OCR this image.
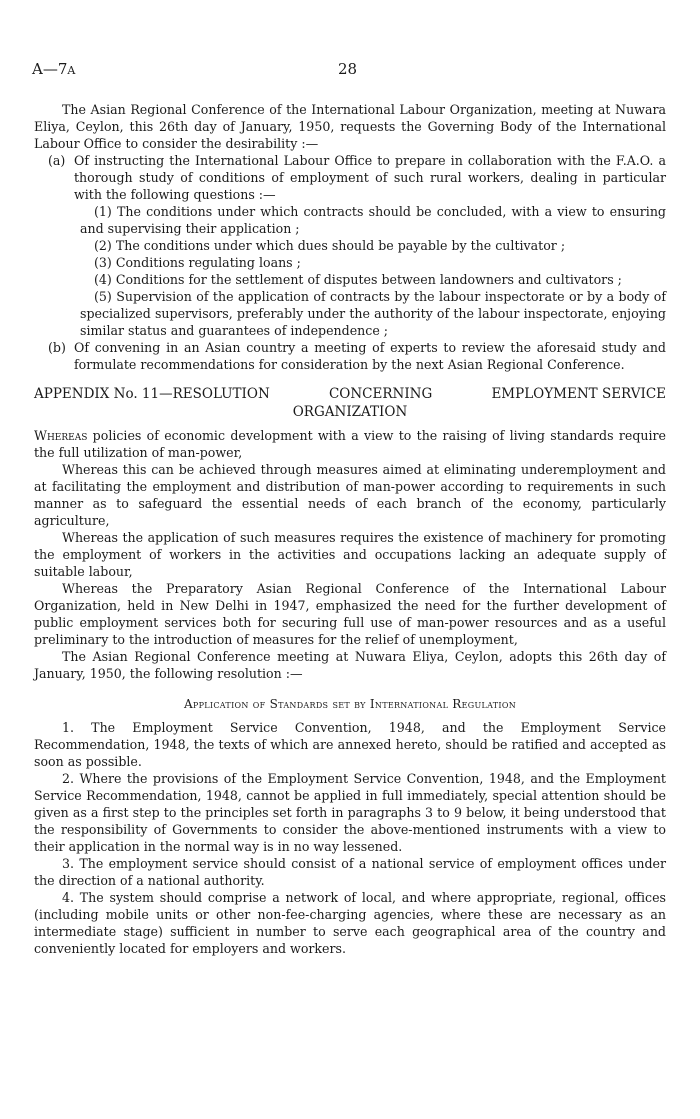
A—7A	28

The Asian Regional Conference of the International Labour Organization, meeting at Nuwara Eliya, Ceylon, this 26th day of January, 1950, requests the Governing Body of the International Labour Office to consider the desirability :—

(a) Of instructing the International Labour Office to prepare in collaboration with the F.A.O. a thorough study of conditions of employment of such rural workers, dealing in particular with the following questions :—

(1) The conditions under which contracts should be concluded, with a view to ensuring and supervising their application ;

(2) The conditions under which dues should be payable by the cultivator ;

(3) Conditions regulating loans ;

(4) Conditions for the settlement of disputes between landowners and cultivators ;

(5) Supervision of the application of contracts by the labour inspectorate or by a body of specialized supervisors, preferably under the authority of the labour inspectorate, enjoying similar status and guarantees of independence ;

(b) Of convening in an Asian country a meeting of experts to review the aforesaid study and formulate recommendations for consideration by the next Asian Regional Conference.
APPENDIX No. 11—RESOLUTION	CONCERNING	EMPLOYMENT SERVICE
ORGANIZATION

Whereas policies of economic development with a view to the raising of living standards require the full utilization of man-power,

Whereas this can be achieved through measures aimed at eliminating underemployment and at facilitating the employment and distribution of man-power according to requirements in such manner as to safeguard the essential needs of each branch of the economy, particularly agriculture,

Whereas the application of such measures requires the existence of machinery for promoting the employment of workers in the activities and occupations lacking an adequate supply of suitable labour,

Whereas the Preparatory Asian Regional Conference of the International Labour Organization, held in New Delhi in 1947, emphasized the need for the further development of public employment services both for securing full use of man-power resources and as a useful preliminary to the introduction of measures for the relief of unemployment,

The Asian Regional Conference meeting at Nuwara Eliya, Ceylon, adopts this 26th day of January, 1950, the following resolution :—

Application of Standards set by International Regulation

1. The Employment Service Convention, 1948, and the Employment Service Recommendation, 1948, the texts of which are annexed hereto, should be ratified and accepted as soon as possible.

2. Where the provisions of the Employment Service Convention, 1948, and the Employment Service Recommendation, 1948, cannot be applied in full immediately, special attention should be given as a first step to the principles set forth in paragraphs 3 to 9 below, it being understood that the responsibility of Governments to consider the above-mentioned instruments with a view to their application in the normal way is in no way lessened.

3. The employment service should consist of a national service of employment offices under the direction of a national authority.

4. The system should comprise a network of local, and where appropriate, regional, offices (including mobile units or other non-fee-charging agencies, where these are necessary as an intermediate stage) sufficient in number to serve each geographical area of the country and conveniently located for employers and workers.
